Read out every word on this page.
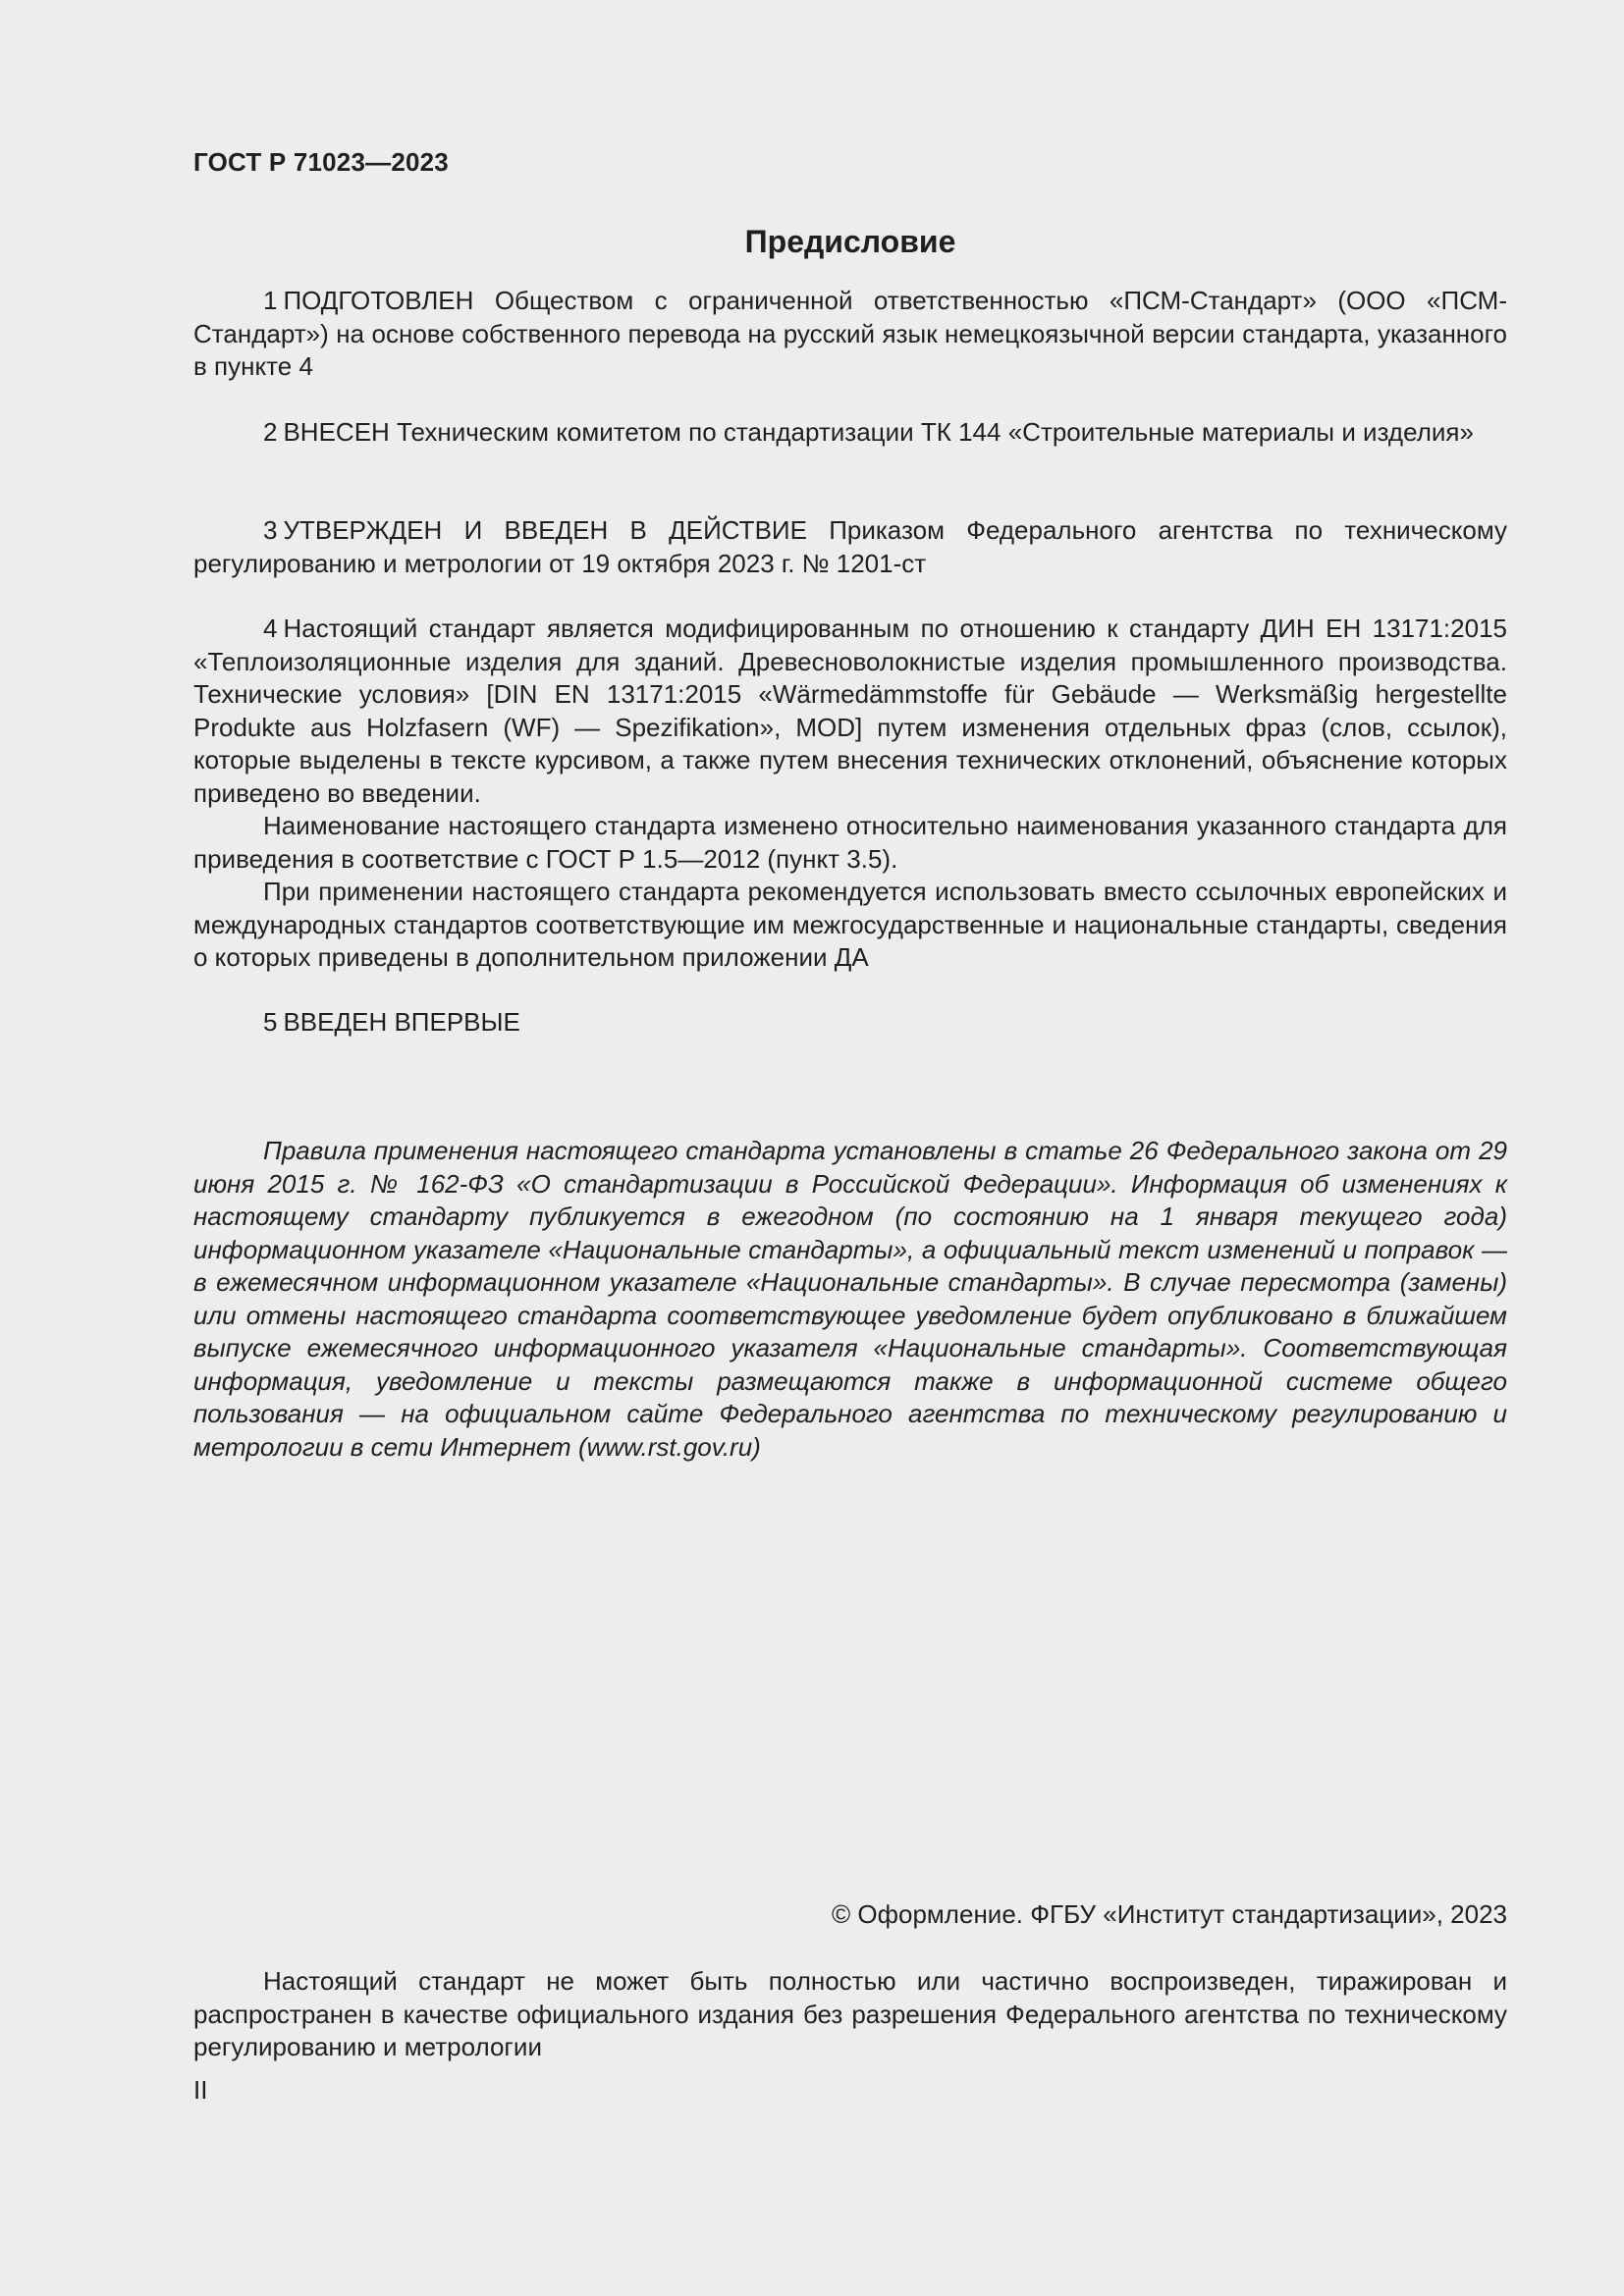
ГОСТ Р 71023—2023
Предисловие

1 ПОДГОТОВЛЕН Обществом с ограниченной ответственностью «ПСМ-Стандарт» (ООО «ПСМ-Стандарт») на основе собственного перевода на русский язык немецкоязычной версии стандарта, указанного в пункте 4

2 ВНЕСЕН Техническим комитетом по стандартизации ТК 144 «Строительные материалы и изделия»

3 УТВЕРЖДЕН И ВВЕДЕН В ДЕЙСТВИЕ Приказом Федерального агентства по техническому регулированию и метрологии от 19 октября 2023 г. № 1201-ст

4 Настоящий стандарт является модифицированным по отношению к стандарту ДИН ЕН 13171:2015 «Теплоизоляционные изделия для зданий. Древесноволокнистые изделия промышленного производства. Технические условия» [DIN EN 13171:2015 «Wärmedämmstoffe für Gebäude — Werksmäßig hergestellte Produkte aus Holzfasern (WF) — Spezifikation», MOD] путем изменения отдельных фраз (слов, ссылок), которые выделены в тексте курсивом, а также путем внесения технических отклонений, объяснение которых приведено во введении.

Наименование настоящего стандарта изменено относительно наименования указанного стандарта для приведения в соответствие с ГОСТ Р 1.5—2012 (пункт 3.5).

При применении настоящего стандарта рекомендуется использовать вместо ссылочных европейских и международных стандартов соответствующие им межгосударственные и национальные стандарты, сведения о которых приведены в дополнительном приложении ДА

5 ВВЕДЕН ВПЕРВЫЕ

Правила применения настоящего стандарта установлены в статье 26 Федерального закона от 29 июня 2015 г. № 162-ФЗ «О стандартизации в Российской Федерации». Информация об изменениях к настоящему стандарту публикуется в ежегодном (по состоянию на 1 января текущего года) информационном указателе «Национальные стандарты», а официальный текст изменений и поправок — в ежемесячном информационном указателе «Национальные стандарты». В случае пересмотра (замены) или отмены настоящего стандарта соответствующее уведомление будет опубликовано в ближайшем выпуске ежемесячного информационного указателя «Национальные стандарты». Соответствующая информация, уведомление и тексты размещаются также в информационной системе общего пользования — на официальном сайте Федерального агентства по техническому регулированию и метрологии в сети Интернет (www.rst.gov.ru)

© Оформление. ФГБУ «Институт стандартизации», 2023

Настоящий стандарт не может быть полностью или частично воспроизведен, тиражирован и распространен в качестве официального издания без разрешения Федерального агентства по техническому регулированию и метрологии

II
